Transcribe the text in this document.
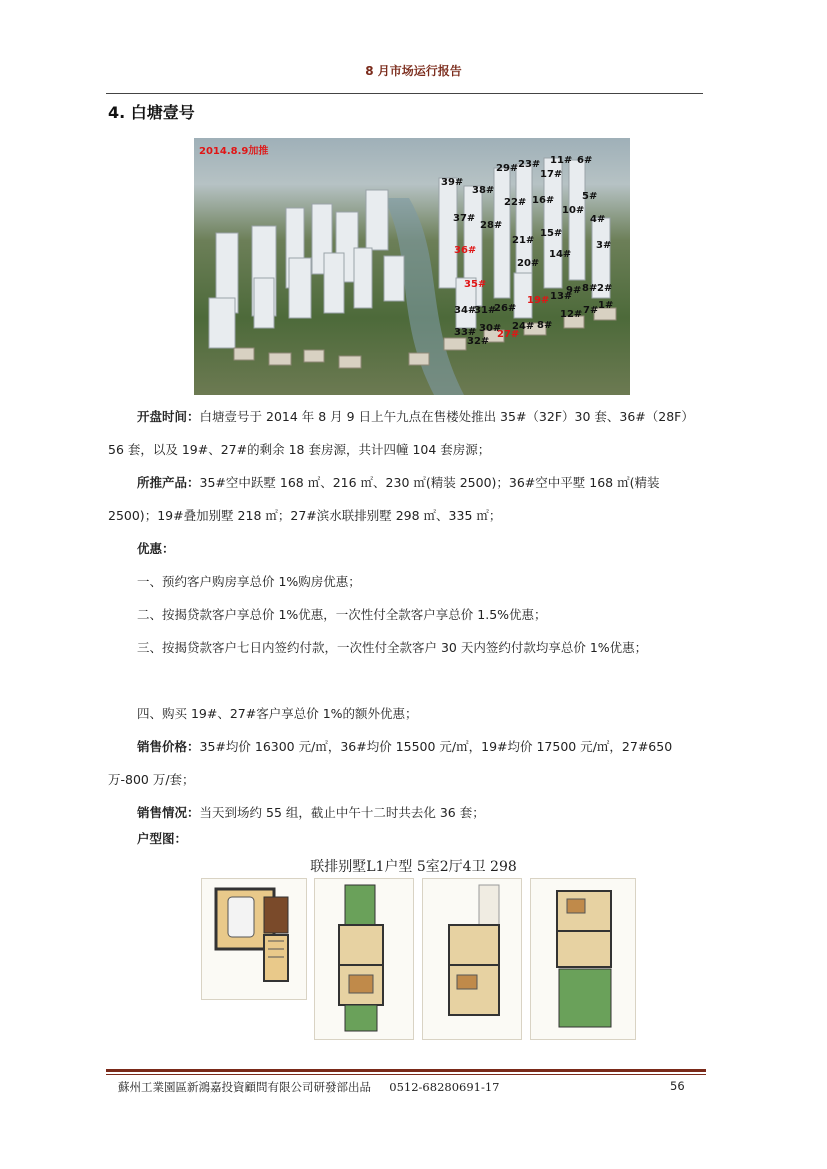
8 月市场运行报告
4. 白塘壹号
2014.8.9加推
39#
38#
29# 23# 11# 6#
17#
5#
37#
28#
22# 16#
10#
4#
36#
21#
15#
3#
20#
14#
35#
13#
9# 8# 2#
34#
31#
26#
19#
12# 7# 1#
33# 30# 24# 8#
32#
27#
开盘时间：白塘壹号于 2014 年 8 月 9 日上午九点在售楼处推出 35#（32F）30 套、36#（28F）56 套，以及 19#、27#的剩余 18 套房源，共计四幢 104 套房源；
所推产品：35#空中跃墅 168 ㎡、216 ㎡、230 ㎡(精装 2500)；36#空中平墅 168 ㎡(精装 2500)；19#叠加别墅 218 ㎡；27#滨水联排别墅 298 ㎡、335 ㎡；
优惠：
一、预约客户购房享总价 1%购房优惠；
二、按揭贷款客户享总价 1%优惠，一次性付全款客户享总价 1.5%优惠；
三、按揭贷款客户七日内签约付款，一次性付全款客户 30 天内签约付款均享总价 1%优惠；
四、购买 19#、27#客户享总价 1%的额外优惠；
销售价格：35#均价 16300 元/㎡，36#均价 15500 元/㎡，19#均价 17500 元/㎡，27#650 万-800 万/套；
销售情况：当天到场约 55 组，截止中午十二时共去化 36 套；
户型图：
联排别墅L1户型 5室2厅4卫 298
蘇州工業園區新鴻嘉投資顧問有限公司研發部出品 0512-68280691-17	56
